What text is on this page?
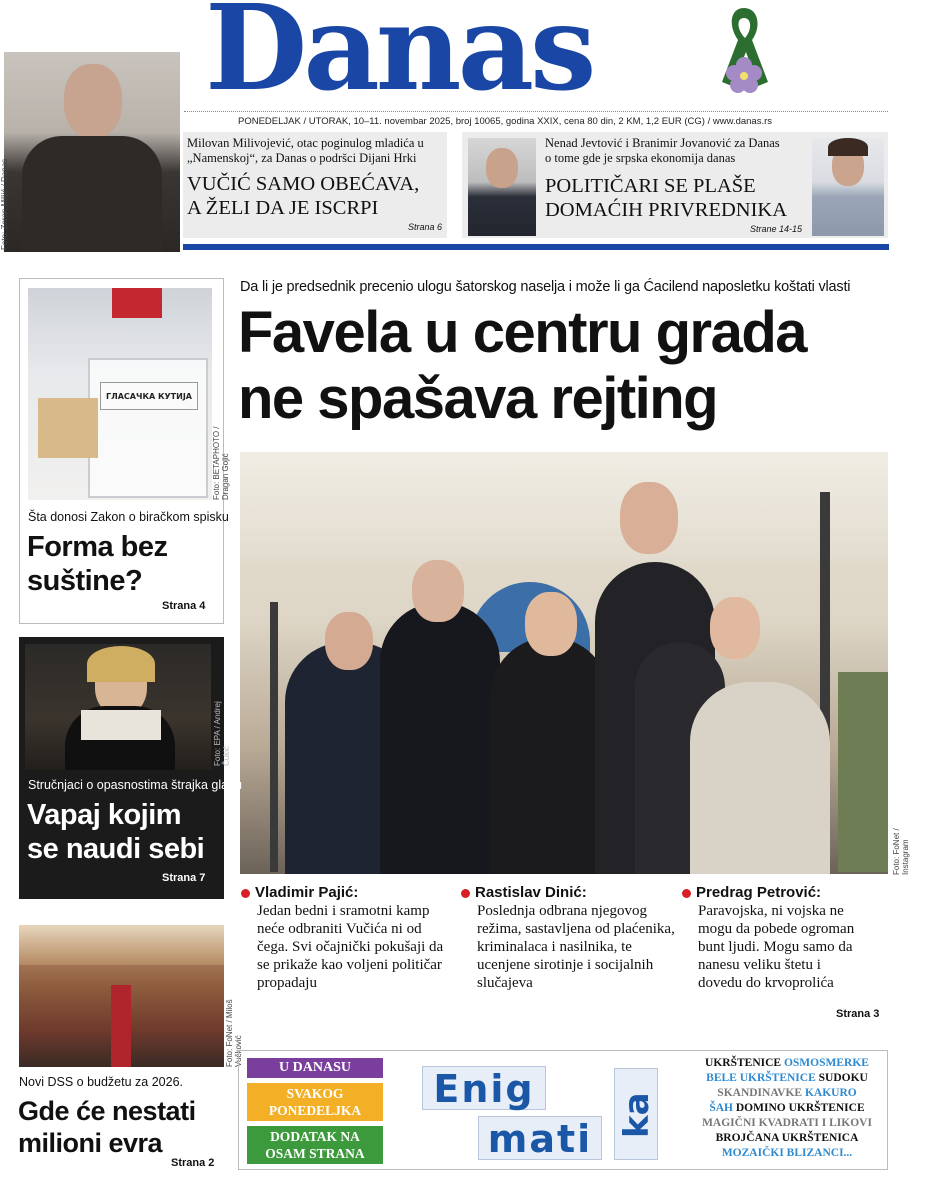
Danas
PONEDELJAK / UTORAK, 10–11. novembar 2025, broj 10065, godina XXIX, cena 80 din, 2 KM, 1,2 EUR (CG) / www.danas.rs
Foto: Zoran Miljić / Danas
Milovan Milivojević, otac poginulog mladića u „Namenskoj“, za Danas o podršci Dijani Hrki
VUČIĆ SAMO OBEĆAVA,
A ŽELI DA JE ISCRPI
Strana 6
Nenad Jevtović i Branimir Jovanović za Danas
o tome gde je srpska ekonomija danas
POLITIČARI SE PLAŠE
DOMAĆIH PRIVREDNIKA
Strane 14-15
Da li je predsednik precenio ulogu šatorskog naselja i može li ga Ćacilend naposletku koštati vlasti
Favela u centru grada
ne spašava rejting
Foto: FoNet / Instagram
Vladimir Pajić:
Jedan bedni i sramotni kamp neće odbraniti Vučića ni od čega. Svi očajnički pokušaji da se prikaže kao voljeni političar propadaju
Rastislav Dinić:
Poslednja odbrana njegovog režima, sastavljena od plaćenika, kriminalaca i nasilnika, te ucenjene sirotinje i socijalnih slučajeva
Predrag Petrović:
Paravojska, ni vojska ne mogu da pobede ogroman bunt ljudi. Mogu samo da nanesu veliku štetu i dovedu do krvoprolića
Strana 3
ГЛАСАЧКА КУТИЈА
Foto: BETAPHOTO / Dragan Gojić
Šta donosi Zakon o biračkom spisku
Forma bez
suštine?
Strana 4
Foto: EPA / Andrej Čukić
Stručnjaci o opasnostima štrajka glađu
Vapaj kojim
se naudi sebi
Strana 7
Foto: FoNet / Miloš Vučković
Novi DSS o budžetu za 2026.
Gde će nestati
milioni evra
Strana 2
U DANASU
SVAKOG
PONEDELJKA
DODATAK NA
OSAM STRANA
Enig
mati
ka
UKRŠTENICE OSMOSMERKE
BELE UKRŠTENICE SUDOKU
SKANDINAVKE KAKURO
ŠAH DOMINO UKRŠTENICE
MAGIČNI KVADRATI I LIKOVI
BROJČANA UKRŠTENICA
MOZAIČKI BLIZANCI...
